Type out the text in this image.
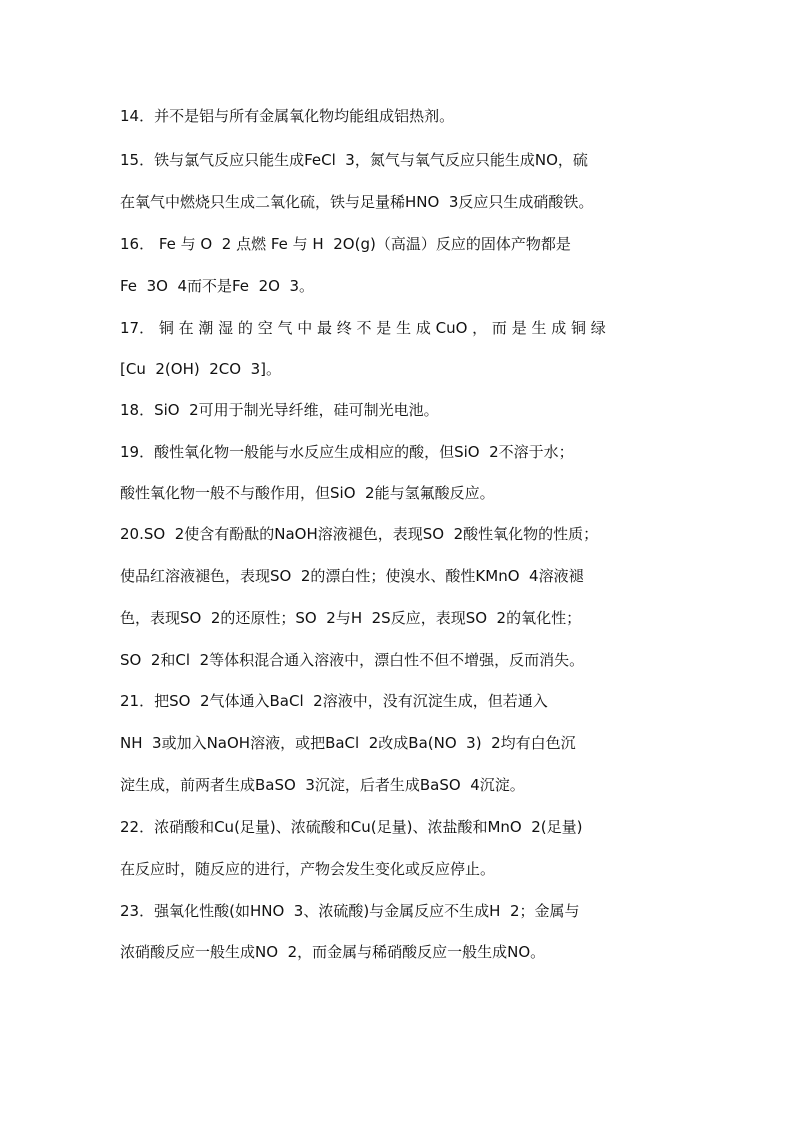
14．并不是铝与所有金属氧化物均能组成铝热剂。
15．铁与氯气反应只能生成FeCl  3，氮气与氧气反应只能生成NO，硫
在氧气中燃烧只生成二氧化硫，铁与足量稀HNO  3反应只生成硝酸铁。
16． Fe 与 O  2 点燃 Fe 与 H  2O(g)（高温）反应的固体产物都是
Fe  3O  4而不是Fe  2O  3。
17． 铜 在 潮 湿 的 空 气 中 最 终 不 是 生 成 CuO ， 而 是 生 成 铜 绿
[Cu  2(OH)  2CO  3]。
18．SiO  2可用于制光导纤维，硅可制光电池。
19．酸性氧化物一般能与水反应生成相应的酸，但SiO  2不溶于水；
酸性氧化物一般不与酸作用，但SiO  2能与氢氟酸反应。
20.SO  2使含有酚酞的NaOH溶液褪色，表现SO  2酸性氧化物的性质；
使品红溶液褪色，表现SO  2的漂白性；使溴水、酸性KMnO  4溶液褪
色，表现SO  2的还原性；SO  2与H  2S反应，表现SO  2的氧化性；
SO  2和Cl  2等体积混合通入溶液中，漂白性不但不增强，反而消失。
21．把SO  2气体通入BaCl  2溶液中，没有沉淀生成，但若通入
NH  3或加入NaOH溶液，或把BaCl  2改成Ba(NO  3)  2均有白色沉
淀生成，前两者生成BaSO  3沉淀，后者生成BaSO  4沉淀。
22．浓硝酸和Cu(足量)、浓硫酸和Cu(足量)、浓盐酸和MnO  2(足量)
在反应时，随反应的进行，产物会发生变化或反应停止。
23．强氧化性酸(如HNO  3、浓硫酸)与金属反应不生成H  2；金属与
浓硝酸反应一般生成NO  2，而金属与稀硝酸反应一般生成NO。
